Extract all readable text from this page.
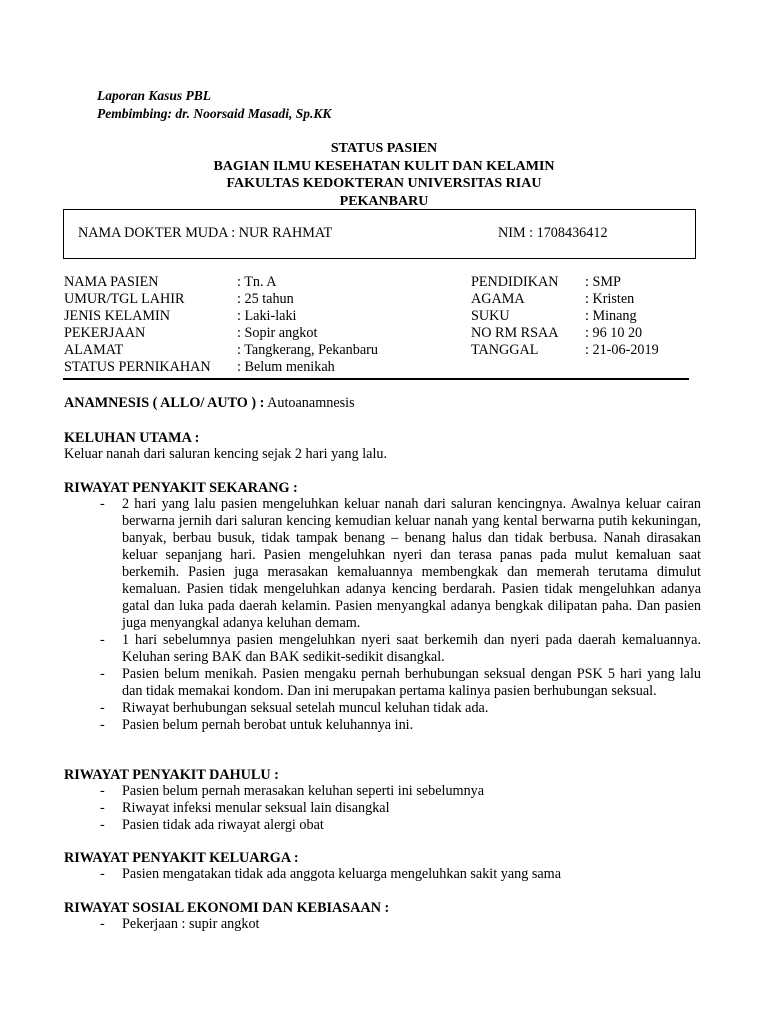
Laporan Kasus PBL
Pembimbing: dr. Noorsaid Masadi, Sp.KK
STATUS PASIEN
BAGIAN ILMU KESEHATAN KULIT DAN KELAMIN
FAKULTAS KEDOKTERAN UNIVERSITAS RIAU
PEKANBARU
NAMA DOKTER MUDA : NUR RAHMAT	NIM : 1708436412
NAMA PASIEN
UMUR/TGL LAHIR
JENIS KELAMIN
PEKERJAAN
ALAMAT
STATUS PERNIKAHAN
: Tn. A
: 25 tahun
: Laki-laki
: Sopir angkot
: Tangkerang, Pekanbaru
: Belum menikah
PENDIDIKAN
AGAMA
SUKU
NO RM RSAA
TANGGAL
: SMP
: Kristen
: Minang
: 96 10 20
: 21-06-2019
ANAMNESIS ( ALLO/ AUTO ) : Autoanamnesis
KELUHAN UTAMA :
Keluar nanah dari saluran kencing sejak 2 hari yang lalu.
RIWAYAT PENYAKIT SEKARANG :
- 2 hari yang lalu pasien mengeluhkan keluar nanah dari saluran kencingnya. Awalnya keluar cairan berwarna jernih dari saluran kencing kemudian keluar nanah yang kental berwarna putih kekuningan, banyak, berbau busuk, tidak tampak benang – benang halus dan tidak berbusa. Nanah dirasakan keluar sepanjang hari. Pasien mengeluhkan nyeri dan terasa panas pada mulut kemaluan saat berkemih. Pasien juga merasakan kemaluannya membengkak dan memerah terutama dimulut kemaluan. Pasien tidak mengeluhkan adanya kencing berdarah. Pasien tidak mengeluhkan adanya gatal dan luka pada daerah kelamin. Pasien menyangkal adanya bengkak dilipatan paha. Dan pasien juga menyangkal adanya keluhan demam.
- 1 hari sebelumnya pasien mengeluhkan nyeri saat berkemih dan nyeri pada daerah kemaluannya. Keluhan sering BAK dan BAK sedikit-sedikit disangkal.
- Pasien belum menikah. Pasien mengaku pernah berhubungan seksual dengan PSK 5 hari yang lalu dan tidak memakai kondom. Dan ini merupakan pertama kalinya pasien berhubungan seksual.
- Riwayat berhubungan seksual setelah muncul keluhan tidak ada.
- Pasien belum pernah berobat untuk keluhannya ini.
RIWAYAT PENYAKIT DAHULU :
- Pasien belum pernah merasakan keluhan seperti ini sebelumnya
- Riwayat infeksi menular seksual lain disangkal
- Pasien tidak ada riwayat alergi obat
RIWAYAT PENYAKIT KELUARGA :
- Pasien mengatakan tidak ada anggota keluarga mengeluhkan sakit yang sama
RIWAYAT SOSIAL EKONOMI DAN KEBIASAAN :
- Pekerjaan : supir angkot
